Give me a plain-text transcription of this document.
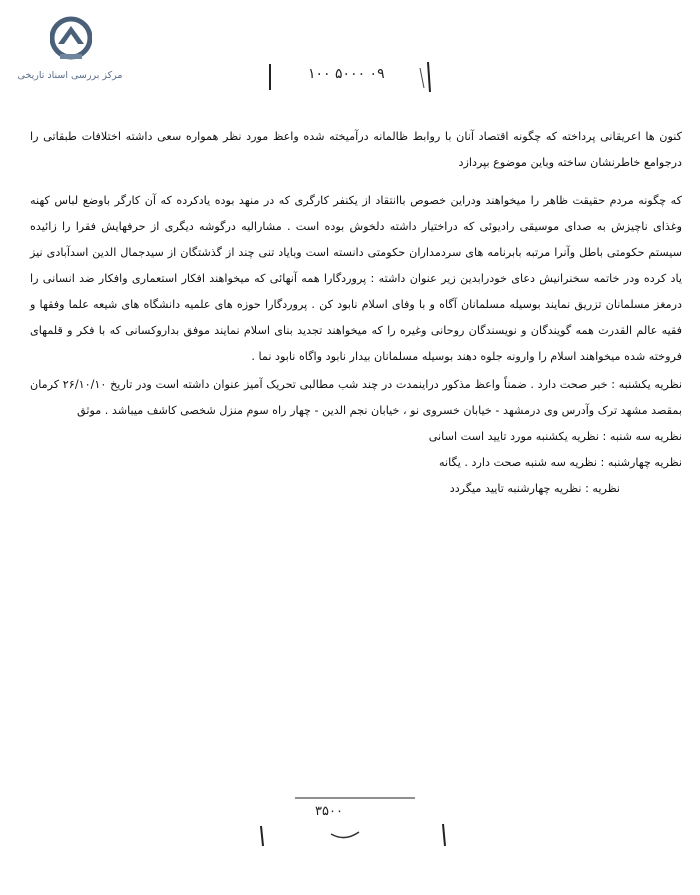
مرکز بررسی اسناد تاریخی	۰۹ ۵۰۰۰ ۱۰۰

کنون ها اعریقانی پرداخته که چگونه اقتصاد آنان با روابط ظالمانه درآمیخته شده واعظ مورد نظر همواره سعی داشته اختلافات طبقاتی را درجوامع خاطرنشان ساخته وباین موضوع بپردازد

که چگونه مردم حقیقت ظاهر را میخواهند ودراین خصوص باانتقاد از یکنفر کارگری که در منهد بوده یادکرده که آن کارگر باوضع لباس کهنه وغذای ناچیزش به صدای موسیقی رادیوئی که دراختیار داشته دلخوش بوده است . مشارالیه درگوشه دیگری از حرفهایش فقرا را زائیده سیستم حکومتی باطل وآنرا مرتبه بابرنامه های سردمداران حکومتی دانسته است وبایاد تنی چند از گذشتگان از سیدجمال الدین اسدآبادی نیز یاد کرده ودر خاتمه سخنرانیش دعای خودرابدین زیر عنوان داشته : پروردگارا همه آنهائی که میخواهند افکار استعماری وافکار ضد انسانی را درمغز مسلمانان تزریق نمایند بوسیله مسلمانان آگاه و با وفای اسلام نابود کن . پروردگارا حوزه های علمیه دانشگاه های شیعه علما وفقها و فقیه عالم القدرت همه گویندگان و نویسندگان روحانی وغیره را که میخواهند تجدید بنای اسلام نمایند موفق بداروکسانی که با فکر و قلمهای فروخته شده میخواهند اسلام را وارونه جلوه دهند بوسیله مسلمانان بیدار نابود واگاه نابود نما .

نظریه یکشنبه : خبر صحت دارد . ضمناً واعظ مذکور دراینمدت در چند شب مطالبی تحریک آمیز عنوان داشته است ودر تاریخ ۲۶/۱۰/۱۰ کرمان بمقصد مشهد ترک وآدرس وی درمشهد - خیابان خسروی نو ، خیابان نجم الدین - چهار راه سوم منزل شخصی کاشف میباشد . موثق

نظریه سه شنبه : نظریه یکشنبه مورد تایید است اسانی

نظریه چهارشنبه : نظریه سه شنبه صحت دارد . یگانه

نظریه : نظریه چهارشنبه تایید میگردد

۳۵۰۰
